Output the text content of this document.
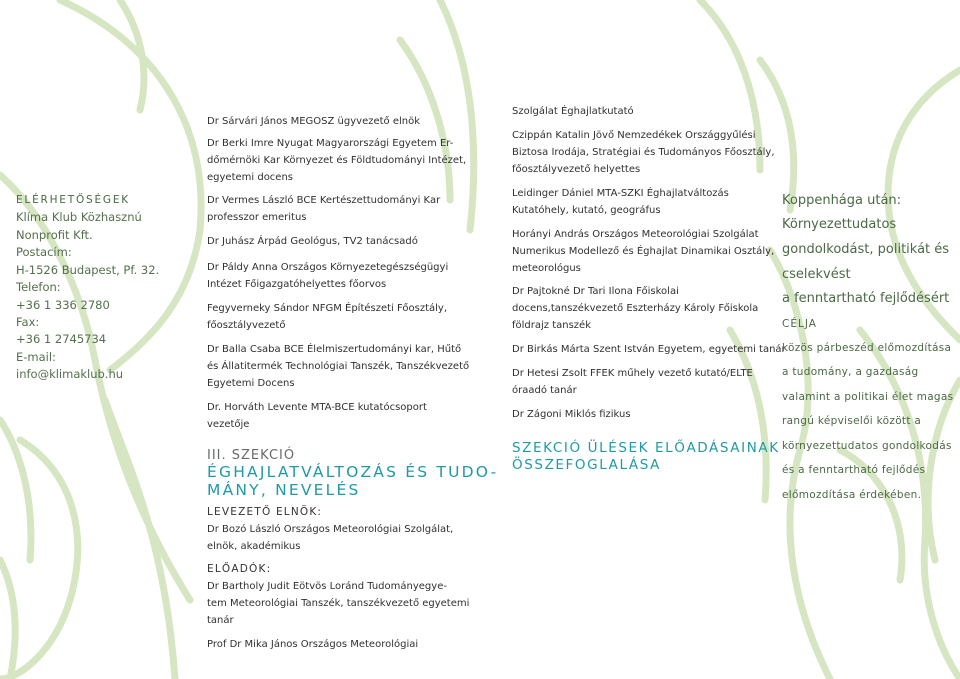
ELÉRHETŐSÉGEK
Klíma Klub Közhasznú
Nonprofit Kft.
Postacím:
H-1526 Budapest, Pf. 32.
Telefon:
+36 1 336 2780
Fax:
+36 1 2745734
E-mail:
info@klimaklub.hu
Dr Sárvári János MEGOSZ ügyvezető elnök
Dr Berki Imre Nyugat Magyarországi Egyetem Er-
dőmérnöki Kar Környezet és Földtudományi Intézet,
egyetemi docens
Dr Vermes László BCE Kertészettudományi Kar
professzor emeritus
Dr Juhász Árpád Geológus, TV2 tanácsadó
Dr Páldy Anna Országos Környezetegészségügyi
Intézet Főigazgatóhelyettes főorvos
Fegyverneky Sándor NFGM Építészeti Főosztály,
főosztályvezető
Dr Balla Csaba BCE Élelmiszertudományi kar, Hűtő
és Állatitermék Technológiai Tanszék, Tanszékvezető
Egyetemi Docens
Dr. Horváth Levente MTA-BCE kutatócsoport
vezetője
III. SZEKCIÓ
ÉGHAJLATVÁLTOZÁS ÉS TUDO-
MÁNY, NEVELÉS
LEVEZETŐ ELNÖK:
Dr Bozó László Országos Meteorológiai Szolgálat,
elnök, akadémikus
ELŐADÓK:
Dr Bartholy Judit Eötvös Loránd Tudományegye-
tem Meteorológiai Tanszék, tanszékvezető egyetemi
tanár
Prof Dr Mika János Országos Meteorológiai
Szolgálat Éghajlatkutató
Czippán Katalin Jövő Nemzedékek Országgyűlési
Biztosa Irodája, Stratégiai és Tudományos Főosztály,
főosztályvezető helyettes
Leidinger Dániel MTA-SZKI Éghajlatváltozás
Kutatóhely, kutató, geográfus
Horányi András Országos Meteorológiai Szolgálat
Numerikus Modellező és Éghajlat Dinamikai Osztály,
meteorológus
Dr Pajtokné Dr Tari Ilona Főiskolai
docens,tanszékvezető Eszterházy Károly Főiskola
földrajz tanszék
Dr Birkás Márta Szent István Egyetem, egyetemi tanár
Dr Hetesi Zsolt FFEK műhely vezető kutató/ELTE
óraadó tanár
Dr Zágoni Miklós fizikus
SZEKCIÓ ÜLÉSEK ELŐADÁSAINAK
ÖSSZEFOGLALÁSA
Koppenhága után:
Környezettudatos
gondolkodást, politikát és
cselekvést
a fenntartható fejlődésért
CÉLJA
közös párbeszéd előmozdítása
a tudomány, a gazdaság
valamint a politikai élet magas
rangú képviselői között a
környezettudatos gondolkodás
és a fenntartható fejlődés
előmozdítása érdekében.
